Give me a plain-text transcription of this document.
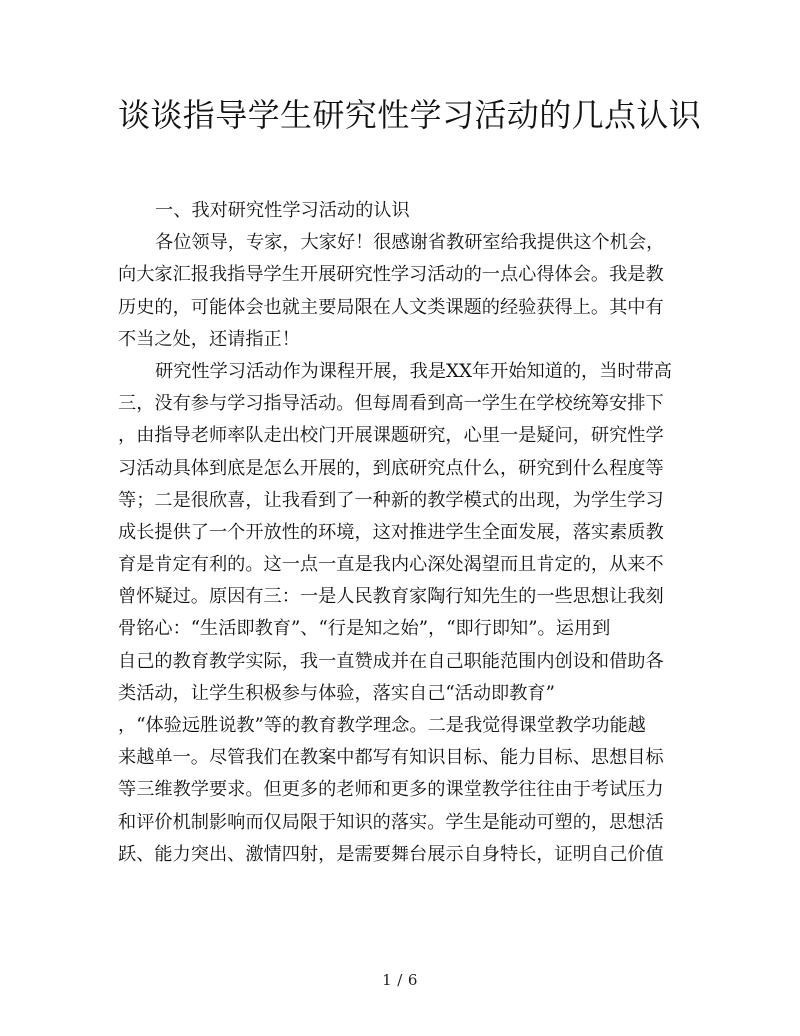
谈谈指导学生研究性学习活动的几点认识
一、我对研究性学习活动的认识
各位领导，专家，大家好！很感谢省教研室给我提供这个机会，
向大家汇报我指导学生开展研究性学习活动的一点心得体会。我是教
历史的，可能体会也就主要局限在人文类课题的经验获得上。其中有
不当之处，还请指正！
研究性学习活动作为课程开展，我是XX年开始知道的，当时带高
三，没有参与学习指导活动。但每周看到高一学生在学校统筹安排下
，由指导老师率队走出校门开展课题研究，心里一是疑问，研究性学
习活动具体到底是怎么开展的，到底研究点什么，研究到什么程度等
等；二是很欣喜，让我看到了一种新的教学模式的出现，为学生学习
成长提供了一个开放性的环境，这对推进学生全面发展，落实素质教
育是肯定有利的。这一点一直是我内心深处渴望而且肯定的，从来不
曾怀疑过。原因有三：一是人民教育家陶行知先生的一些思想让我刻
骨铭心：“生活即教育”、“行是知之始”，“即行即知”。运用到
自己的教育教学实际，我一直赞成并在自己职能范围内创设和借助各
类活动，让学生积极参与体验，落实自己“活动即教育”
，“体验远胜说教”等的教育教学理念。二是我觉得课堂教学功能越
来越单一。尽管我们在教案中都写有知识目标、能力目标、思想目标
等三维教学要求。但更多的老师和更多的课堂教学往往由于考试压力
和评价机制影响而仅局限于知识的落实。学生是能动可塑的，思想活
跃、能力突出、激情四射，是需要舞台展示自身特长，证明自己价值
1 / 6
